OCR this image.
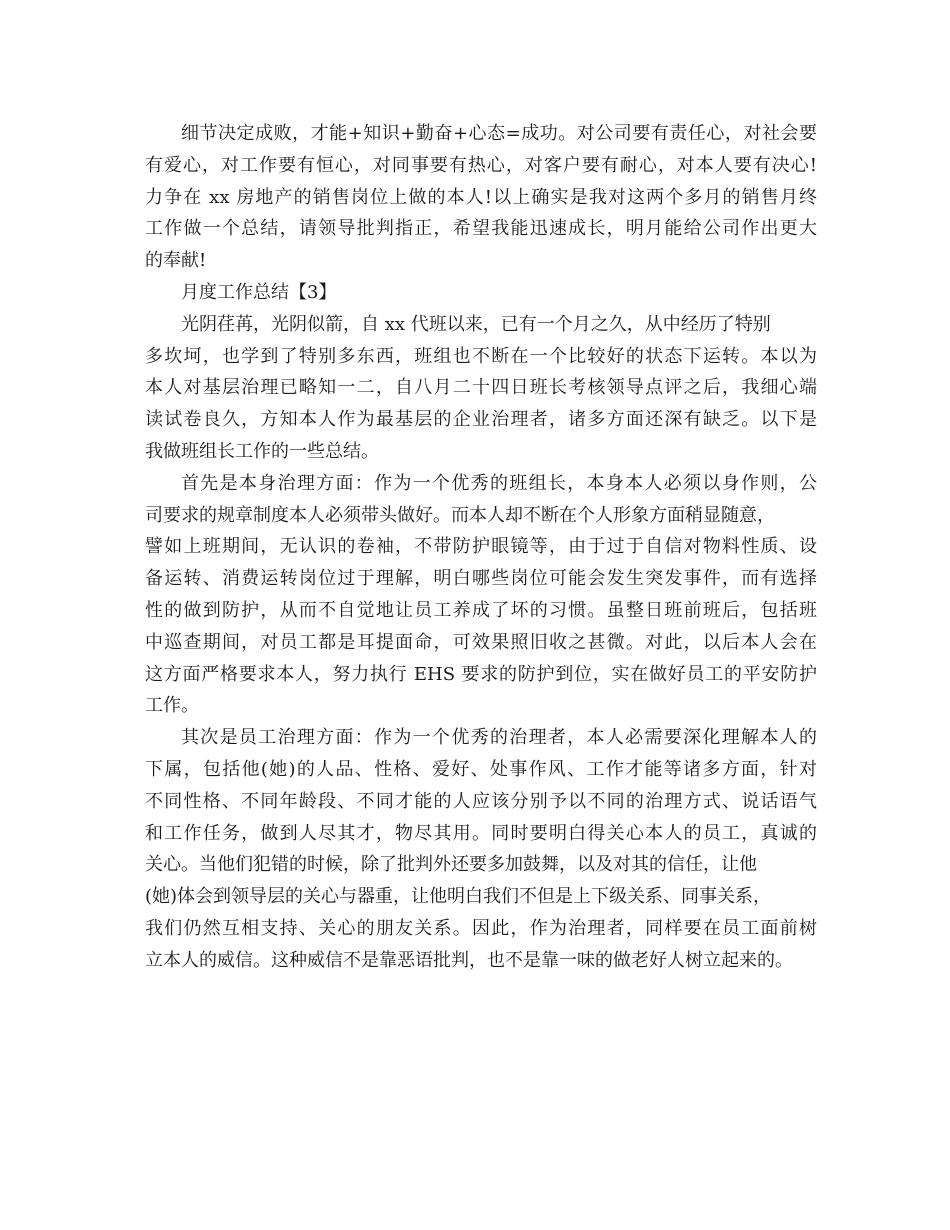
细节决定成败，才能+知识+勤奋+心态=成功。对公司要有责任心，对社会要
有爱心，对工作要有恒心，对同事要有热心，对客户要有耐心，对本人要有决心!
力争在 xx 房地产的销售岗位上做的本人!以上确实是我对这两个多月的销售月终
工作做一个总结，请领导批判指正，希望我能迅速成长，明月能给公司作出更大
的奉献!
月度工作总结【3】
光阴荏苒，光阴似箭，自 xx 代班以来，已有一个月之久，从中经历了特别
多坎坷，也学到了特别多东西，班组也不断在一个比较好的状态下运转。本以为
本人对基层治理已略知一二，自八月二十四日班长考核领导点评之后，我细心端
读试卷良久，方知本人作为最基层的企业治理者，诸多方面还深有缺乏。以下是
我做班组长工作的一些总结。
首先是本身治理方面：作为一个优秀的班组长，本身本人必须以身作则，公
司要求的规章制度本人必须带头做好。而本人却不断在个人形象方面稍显随意，
譬如上班期间，无认识的卷袖，不带防护眼镜等，由于过于自信对物料性质、设
备运转、消费运转岗位过于理解，明白哪些岗位可能会发生突发事件，而有选择
性的做到防护，从而不自觉地让员工养成了坏的习惯。虽整日班前班后，包括班
中巡查期间，对员工都是耳提面命，可效果照旧收之甚微。对此，以后本人会在
这方面严格要求本人，努力执行 EHS 要求的防护到位，实在做好员工的平安防护
工作。
其次是员工治理方面：作为一个优秀的治理者，本人必需要深化理解本人的
下属，包括他(她)的人品、性格、爱好、处事作风、工作才能等诸多方面，针对
不同性格、不同年龄段、不同才能的人应该分别予以不同的治理方式、说话语气
和工作任务，做到人尽其才，物尽其用。同时要明白得关心本人的员工，真诚的
关心。当他们犯错的时候，除了批判外还要多加鼓舞，以及对其的信任，让他
(她)体会到领导层的关心与器重，让他明白我们不但是上下级关系、同事关系，
我们仍然互相支持、关心的朋友关系。因此，作为治理者，同样要在员工面前树
立本人的威信。这种威信不是靠恶语批判，也不是靠一味的做老好人树立起来的。
